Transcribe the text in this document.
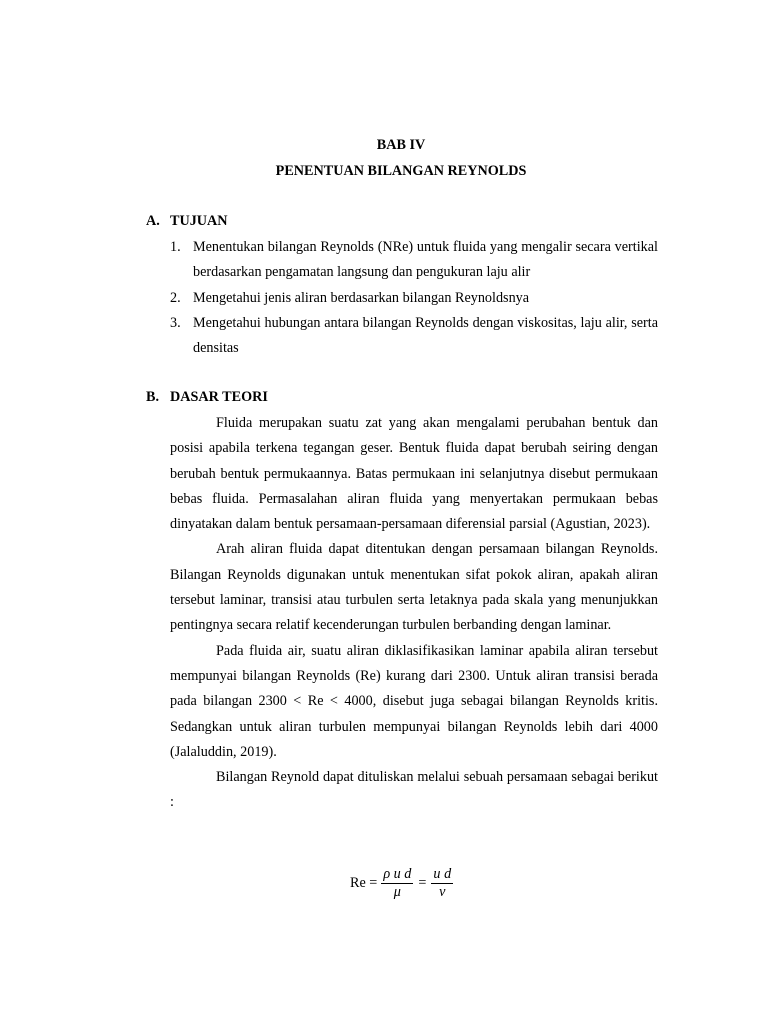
BAB IV
PENENTUAN BILANGAN REYNOLDS
A. TUJUAN
1. Menentukan bilangan Reynolds (NRe) untuk fluida yang mengalir secara vertikal berdasarkan pengamatan langsung dan pengukuran laju alir
2. Mengetahui jenis aliran berdasarkan bilangan Reynoldsnya
3. Mengetahui hubungan antara bilangan Reynolds dengan viskositas, laju alir, serta densitas
B. DASAR TEORI

Fluida merupakan suatu zat yang akan mengalami perubahan bentuk dan posisi apabila terkena tegangan geser. Bentuk fluida dapat berubah seiring dengan berubah bentuk permukaannya. Batas permukaan ini selanjutnya disebut permukaan bebas fluida. Permasalahan aliran fluida yang menyertakan permukaan bebas dinyatakan dalam bentuk persamaan-persamaan diferensial parsial (Agustian, 2023).

Arah aliran fluida dapat ditentukan dengan persamaan bilangan Reynolds. Bilangan Reynolds digunakan untuk menentukan sifat pokok aliran, apakah aliran tersebut laminar, transisi atau turbulen serta letaknya pada skala yang menunjukkan pentingnya secara relatif kecenderungan turbulen berbanding dengan laminar.

Pada fluida air, suatu aliran diklasifikasikan laminar apabila aliran tersebut mempunyai bilangan Reynolds (Re) kurang dari 2300. Untuk aliran transisi berada pada bilangan 2300 < Re < 4000, disebut juga sebagai bilangan Reynolds kritis. Sedangkan untuk aliran turbulen mempunyai bilangan Reynolds lebih dari 4000 (Jalaluddin, 2019).

Bilangan Reynold dapat dituliskan melalui sebuah persamaan sebagai berikut :

$Re = \frac{\text{ρ u d}}{\mu} = \frac{\text{u d}}{\nu}$
